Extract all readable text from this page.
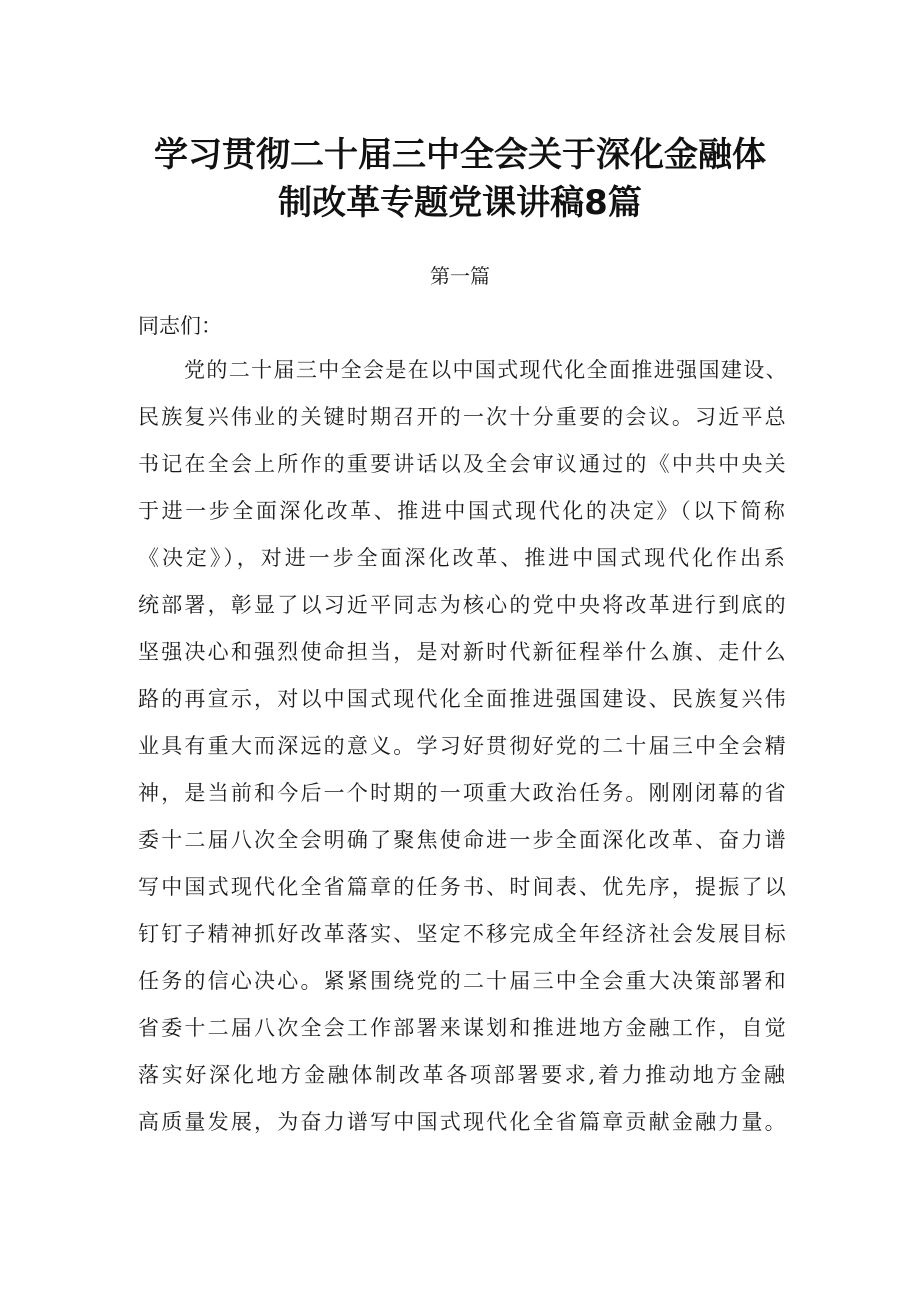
学习贯彻二十届三中全会关于深化金融体
制改革专题党课讲稿8篇
第一篇
同志们：
党的二十届三中全会是在以中国式现代化全面推进强国建设、
民族复兴伟业的关键时期召开的一次十分重要的会议。习近平总
书记在全会上所作的重要讲话以及全会审议通过的《中共中央关
于进一步全面深化改革、推进中国式现代化的决定》（以下简称
《决定》），对进一步全面深化改革、推进中国式现代化作出系
统部署，彰显了以习近平同志为核心的党中央将改革进行到底的
坚强决心和强烈使命担当，是对新时代新征程举什么旗、走什么
路的再宣示，对以中国式现代化全面推进强国建设、民族复兴伟
业具有重大而深远的意义。学习好贯彻好党的二十届三中全会精
神，是当前和今后一个时期的一项重大政治任务。刚刚闭幕的省
委十二届八次全会明确了聚焦使命进一步全面深化改革、奋力谱
写中国式现代化全省篇章的任务书、时间表、优先序，提振了以
钉钉子精神抓好改革落实、坚定不移完成全年经济社会发展目标
任务的信心决心。紧紧围绕党的二十届三中全会重大决策部署和
省委十二届八次全会工作部署来谋划和推进地方金融工作，自觉
落实好深化地方金融体制改革各项部署要求,着力推动地方金融
高质量发展，为奋力谱写中国式现代化全省篇章贡献金融力量。
